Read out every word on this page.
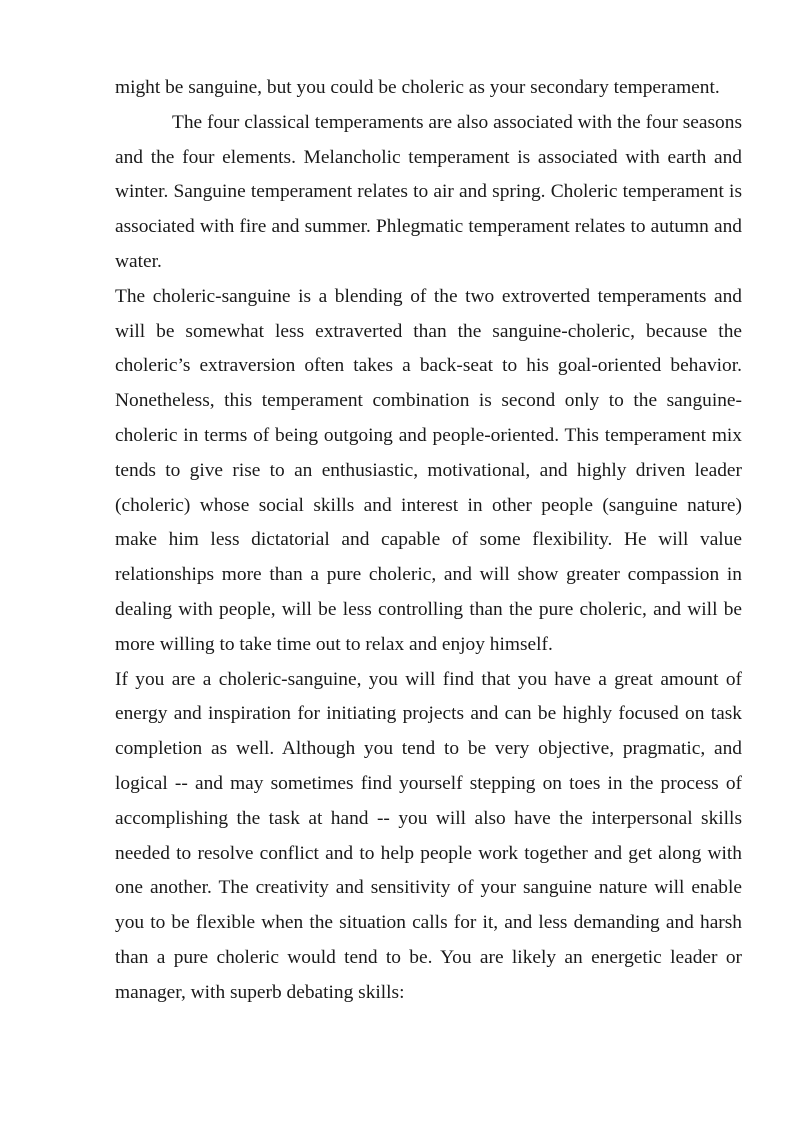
might be sanguine, but you could be choleric as your secondary temperament.

The four classical temperaments are also associated with the four seasons and the four elements. Melancholic temperament is associated with earth and winter. Sanguine temperament relates to air and spring. Choleric temperament is associated with fire and summer. Phlegmatic temperament relates to autumn and water.

The choleric-sanguine is a blending of the two extroverted temperaments and will be somewhat less extraverted than the sanguine-choleric, because the choleric’s extraversion often takes a back-seat to his goal-oriented behavior. Nonetheless, this temperament combination is second only to the sanguine-choleric in terms of being outgoing and people-oriented. This temperament mix tends to give rise to an enthusiastic, motivational, and highly driven leader (choleric) whose social skills and interest in other people (sanguine nature) make him less dictatorial and capable of some flexibility. He will value relationships more than a pure choleric, and will show greater compassion in dealing with people, will be less controlling than the pure choleric, and will be more willing to take time out to relax and enjoy himself.

If you are a choleric-sanguine, you will find that you have a great amount of energy and inspiration for initiating projects and can be highly focused on task completion as well. Although you tend to be very objective, pragmatic, and logical -- and may sometimes find yourself stepping on toes in the process of accomplishing the task at hand -- you will also have the interpersonal skills needed to resolve conflict and to help people work together and get along with one another. The creativity and sensitivity of your sanguine nature will enable you to be flexible when the situation calls for it, and less demanding and harsh than a pure choleric would tend to be. You are likely an energetic leader or manager, with superb debating skills:
